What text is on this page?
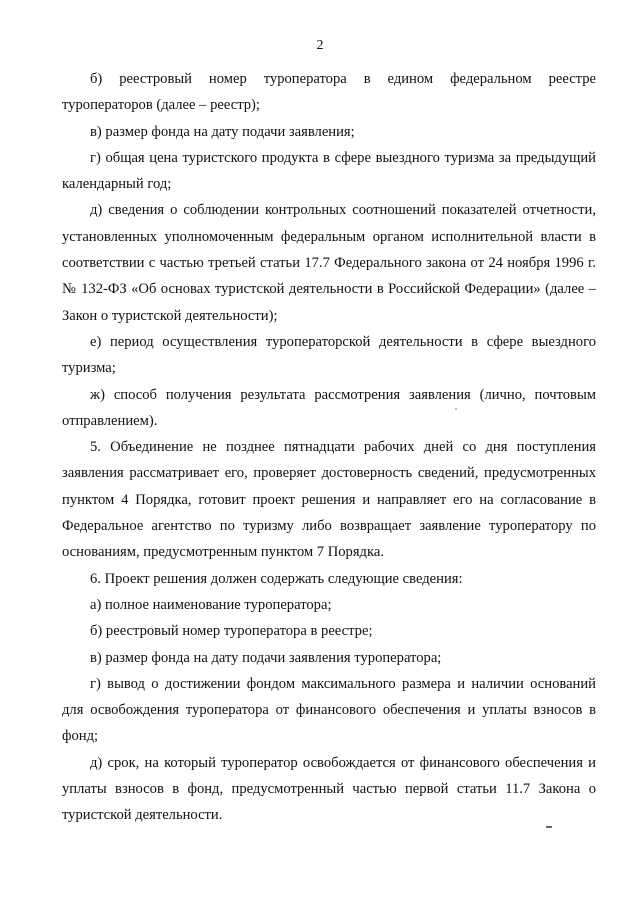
2

б) реестровый номер туроператора в едином федеральном реестре туроператоров (далее – реестр);

в) размер фонда на дату подачи заявления;

г) общая цена туристского продукта в сфере выездного туризма за предыдущий календарный год;

д) сведения о соблюдении контрольных соотношений показателей отчетности, установленных уполномоченным федеральным органом исполнительной власти в соответствии с частью третьей статьи 17.7 Федерального закона от 24 ноября 1996 г. № 132-ФЗ «Об основах туристской деятельности в Российской Федерации» (далее – Закон о туристской деятельности);

е) период осуществления туроператорской деятельности в сфере выездного туризма;

ж) способ получения результата рассмотрения заявления (лично, почтовым отправлением).

5. Объединение не позднее пятнадцати рабочих дней со дня поступления заявления рассматривает его, проверяет достоверность сведений, предусмотренных пунктом 4 Порядка, готовит проект решения и направляет его на согласование в Федеральное агентство по туризму либо возвращает заявление туроператору по основаниям, предусмотренным пунктом 7 Порядка.

6. Проект решения должен содержать следующие сведения:

а) полное наименование туроператора;

б) реестровый номер туроператора в реестре;

в) размер фонда на дату подачи заявления туроператора;

г) вывод о достижении фондом максимального размера и наличии оснований для освобождения туроператора от финансового обеспечения и уплаты взносов в фонд;

д) срок, на который туроператор освобождается от финансового обеспечения и уплаты взносов в фонд, предусмотренный частью первой статьи 11.7 Закона о туристской деятельности.
